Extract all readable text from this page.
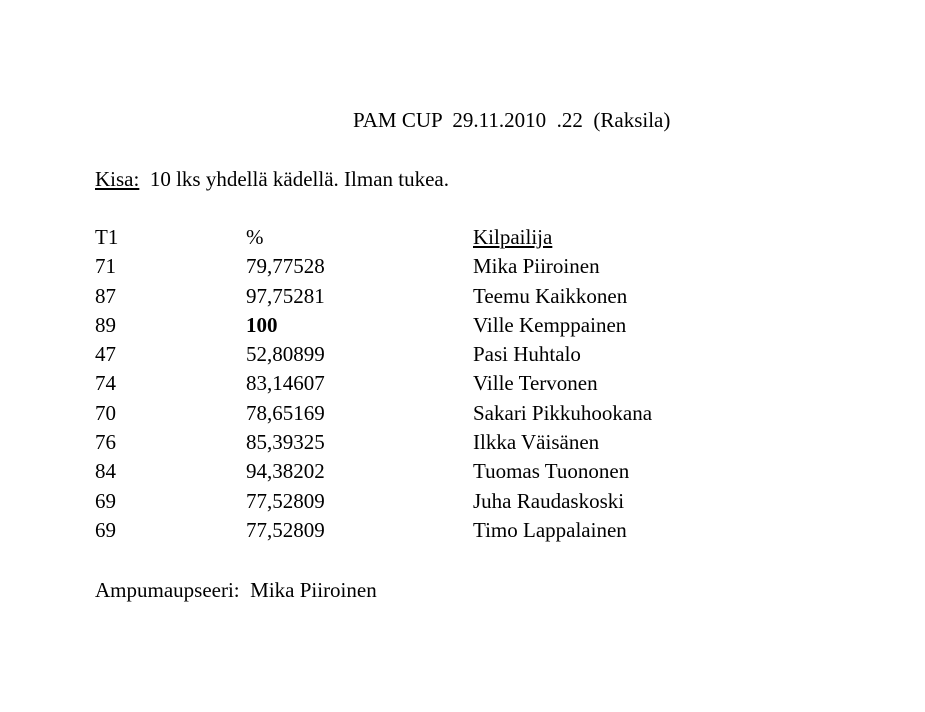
PAM CUP  29.11.2010  .22  (Raksila)
Kisa:  10 lks yhdellä kädellä. Ilman tukea.
T1	%	Kilpailija
71	79,77528	Mika Piiroinen
87	97,75281	Teemu Kaikkonen
89	100	Ville Kemppainen
47	52,80899	Pasi Huhtalo
74	83,14607	Ville Tervonen
70	78,65169	Sakari Pikkuhookana
76	85,39325	Ilkka Väisänen
84	94,38202	Tuomas Tuononen
69	77,52809	Juha Raudaskoski
69	77,52809	Timo Lappalainen
Ampumaupseeri:  Mika Piiroinen
